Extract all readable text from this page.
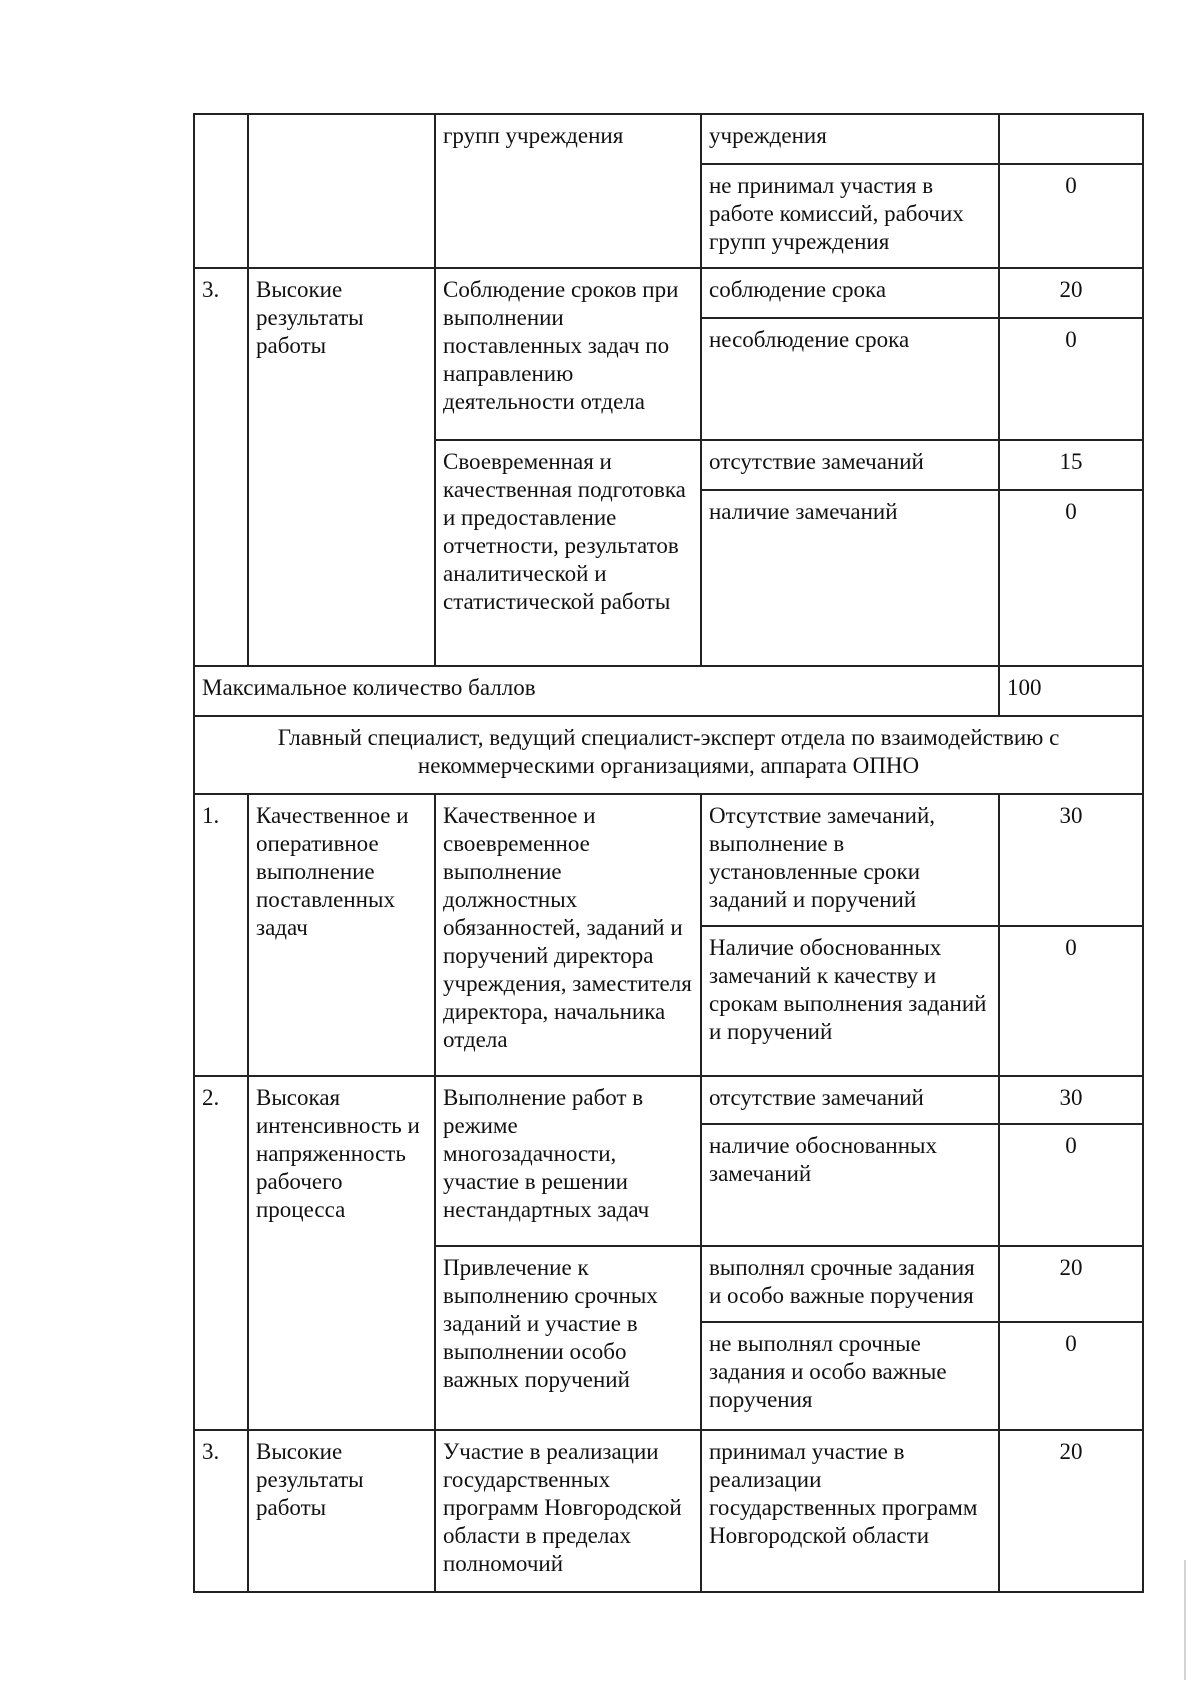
		групп учреждения	учреждения	

			не принимал участия в работе комиссий, рабочих групп учреждения	0
3.	Высокие результаты работы	Соблюдение сроков при выполнении поставленных задач по направлению деятельности отдела	соблюдение срока	20

			несоблюдение срока	0

		Своевременная и качественная подготовка и предоставление отчетности, результатов аналитической и статистической работы	отсутствие замечаний	15

			наличие замечаний	0
Максимальное количество баллов				100
Главный специалист, ведущий специалист-эксперт отдела по взаимодействию с некоммерческими организациями, аппарата ОПНО				
1.	Качественное и оперативное выполнение поставленных задач	Качественное и своевременное выполнение должностных обязанностей, заданий и поручений директора учреждения, заместителя директора, начальника отдела	Отсутствие замечаний, выполнение в установленные сроки заданий и поручений	30

			Наличие обоснованных замечаний к качеству и срокам выполнения заданий и поручений	0
2.	Высокая интенсивность и напряженность рабочего процесса	Выполнение работ в режиме многозадачности, участие в решении нестандартных задач	отсутствие замечаний	30

			наличие обоснованных замечаний	0

		Привлечение к выполнению срочных заданий и участие в выполнении особо важных поручений	выполнял срочные задания и особо важные поручения	20

			не выполнял срочные задания и особо важные поручения	0
3.	Высокие результаты работы	Участие в реализации государственных программ Новгородской области в пределах полномочий	принимал участие в реализации государственных программ Новгородской области	20
